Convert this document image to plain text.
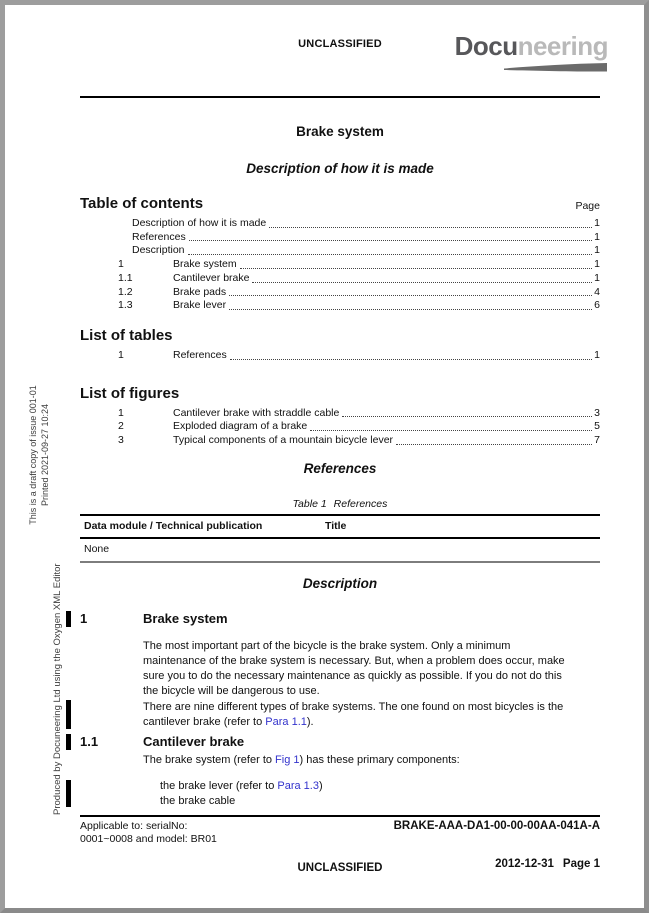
This is a draft copy of issue 001-01 Printed 2021-09-27 10:24
Produced by Docuneering Ltd using the Oxygen XML Editor
UNCLASSIFIED	Docuneering
Brake system
Description of how it is made
Table of contents	Page
Description of how it is made	1
References	1
Description	1
1	Brake system	1
1.1	Cantilever brake	1
1.2	Brake pads	4
1.3	Brake lever	6
List of tables
1	References	1
List of figures
1	Cantilever brake with straddle cable	3
2	Exploded diagram of a brake	5
3	Typical components of a mountain bicycle lever	7
References
Table 1 References
Data module / Technical publication	Title
None
Description
1	Brake system

The most important part of the bicycle is the brake system. Only a minimum maintenance of the brake system is necessary. But, when a problem does occur, make sure you to do the necessary maintenance as quickly as possible. If you do not do this the bicycle will be dangerous to use.

There are nine different types of brake systems. The one found on most bicycles is the cantilever brake (refer to Para 1.1).

1.1	Cantilever brake

The brake system (refer to Fig 1) has these primary components:

the brake lever (refer to Para 1.3)
the brake cable
Applicable to: serialNo:
0001~0008 and model: BR01
BRAKE-AAA-DA1-00-00-00AA-041A-A
UNCLASSIFIED	2012-12-31 Page 1
